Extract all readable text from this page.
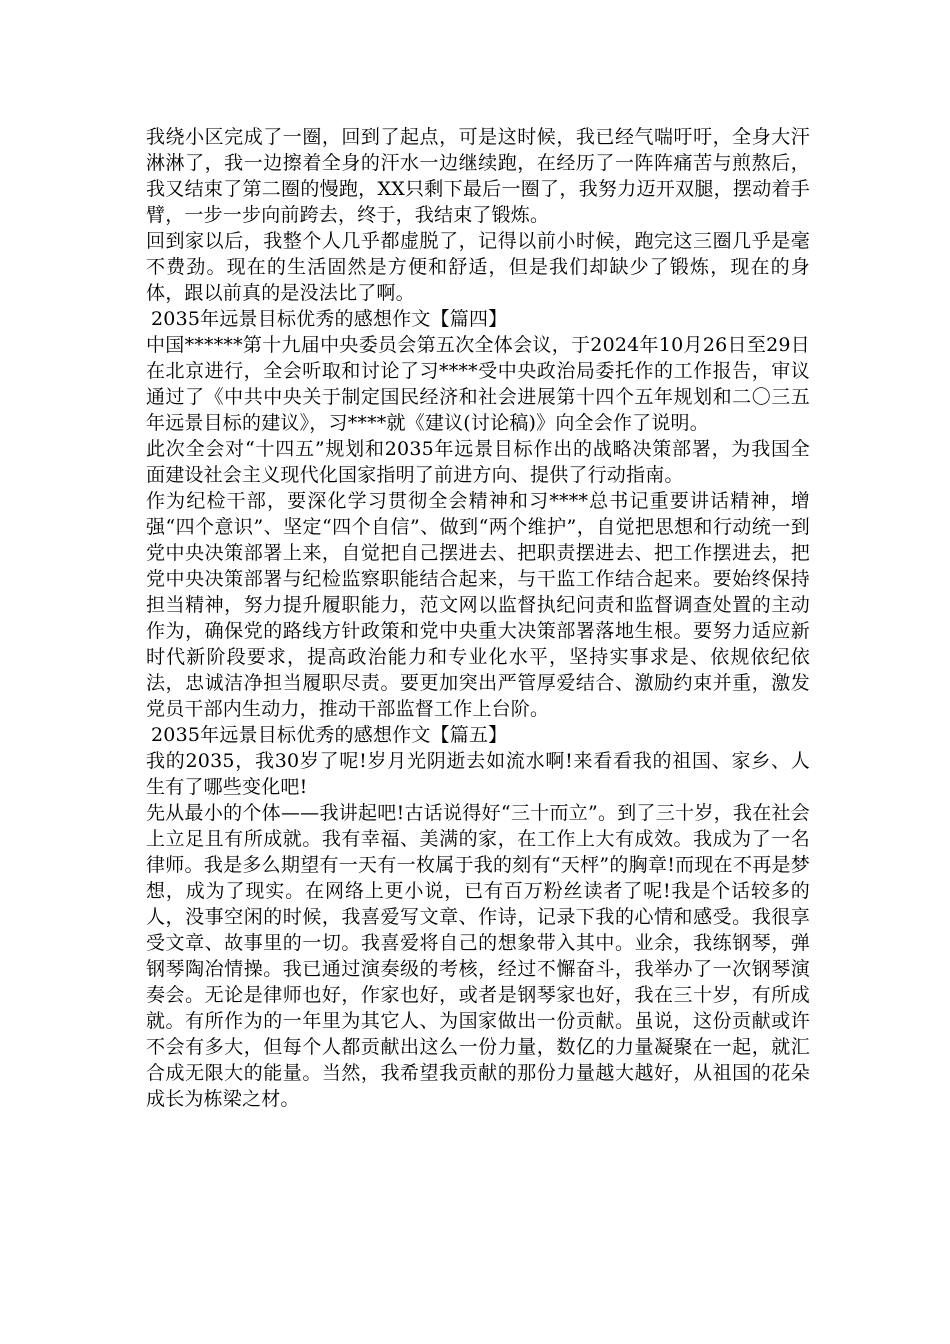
我绕小区完成了一圈，回到了起点，可是这时候，我已经气喘吁吁，全身大汗淋淋了，我一边擦着全身的汗水一边继续跑，在经历了一阵阵痛苦与煎熬后，我又结束了第二圈的慢跑，XX只剩下最后一圈了，我努力迈开双腿，摆动着手臂，一步一步向前跨去，终于，我结束了锻炼。

回到家以后，我整个人几乎都虚脱了，记得以前小时候，跑完这三圈几乎是毫不费劲。现在的生活固然是方便和舒适，但是我们却缺少了锻炼，现在的身体，跟以前真的是没法比了啊。

2035年远景目标优秀的感想作文【篇四】

中国******第十九届中央委员会第五次全体会议，于2024年10月26日至29日在北京进行，全会听取和讨论了习****受中央政治局委托作的工作报告，审议通过了《中共中央关于制定国民经济和社会进展第十四个五年规划和二〇三五年远景目标的建议》，习****就《建议(讨论稿)》向全会作了说明。

此次全会对“十四五”规划和2035年远景目标作出的战略决策部署，为我国全面建设社会主义现代化国家指明了前进方向、提供了行动指南。

作为纪检干部，要深化学习贯彻全会精神和习****总书记重要讲话精神，增强“四个意识”、坚定“四个自信”、做到“两个维护”，自觉把思想和行动统一到党中央决策部署上来，自觉把自己摆进去、把职责摆进去、把工作摆进去，把党中央决策部署与纪检监察职能结合起来，与干监工作结合起来。要始终保持担当精神，努力提升履职能力，范文网以监督执纪问责和监督调查处置的主动作为，确保党的路线方针政策和党中央重大决策部署落地生根。要努力适应新时代新阶段要求，提高政治能力和专业化水平，坚持实事求是、依规依纪依法，忠诚洁净担当履职尽责。要更加突出严管厚爱结合、激励约束并重，激发党员干部内生动力，推动干部监督工作上台阶。

2035年远景目标优秀的感想作文【篇五】

我的2035，我30岁了呢!岁月光阴逝去如流水啊!来看看我的祖国、家乡、人生有了哪些变化吧!

先从最小的个体——我讲起吧!古话说得好“三十而立”。到了三十岁，我在社会上立足且有所成就。我有幸福、美满的家，在工作上大有成效。我成为了一名律师。我是多么期望有一天有一枚属于我的刻有“天枰”的胸章!而现在不再是梦想，成为了现实。在网络上更小说，已有百万粉丝读者了呢!我是个话较多的人，没事空闲的时候，我喜爱写文章、作诗，记录下我的心情和感受。我很享受文章、故事里的一切。我喜爱将自己的想象带入其中。业余，我练钢琴，弹钢琴陶冶情操。我已通过演奏级的考核，经过不懈奋斗，我举办了一次钢琴演奏会。无论是律师也好，作家也好，或者是钢琴家也好，我在三十岁，有所成就。有所作为的一年里为其它人、为国家做出一份贡献。虽说，这份贡献或许不会有多大，但每个人都贡献出这么一份力量，数亿的力量凝聚在一起，就汇合成无限大的能量。当然，我希望我贡献的那份力量越大越好，从祖国的花朵成长为栋梁之材。
